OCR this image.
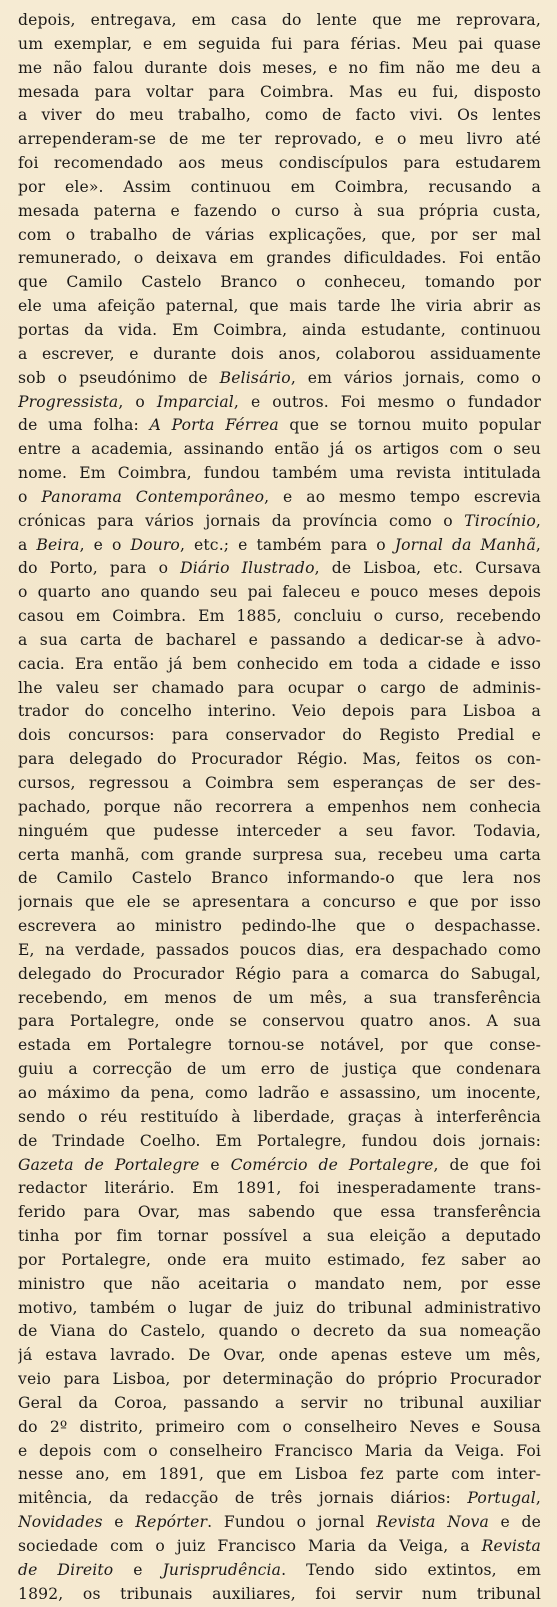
depois, entregava, em casa do lente que me reprovara,
um exemplar, e em seguida fui para férias. Meu pai quase
me não falou durante dois meses, e no fim não me deu a
mesada para voltar para Coimbra. Mas eu fui, disposto
a viver do meu trabalho, como de facto vivi. Os lentes
arrependeram-se de me ter reprovado, e o meu livro até
foi recomendado aos meus condiscípulos para estudarem
por ele». Assim continuou em Coimbra, recusando a
mesada paterna e fazendo o curso à sua própria custa,
com o trabalho de várias explicações, que, por ser mal
remunerado, o deixava em grandes dificuldades. Foi então
que Camilo Castelo Branco o conheceu, tomando por
ele uma afeição paternal, que mais tarde lhe viria abrir as
portas da vida. Em Coimbra, ainda estudante, continuou
a escrever, e durante dois anos, colaborou assiduamente
sob o pseudónimo de Belisário, em vários jornais, como o
Progressista, o Imparcial, e outros. Foi mesmo o fundador
de uma folha: A Porta Férrea que se tornou muito popular
entre a academia, assinando então já os artigos com o seu
nome. Em Coimbra, fundou também uma revista intitulada
o Panorama Contemporâneo, e ao mesmo tempo escrevia
crónicas para vários jornais da província como o Tirocínio,
a Beira, e o Douro, etc.; e também para o Jornal da Manhã,
do Porto, para o Diário Ilustrado, de Lisboa, etc. Cursava
o quarto ano quando seu pai faleceu e pouco meses depois
casou em Coimbra. Em 1885, concluiu o curso, recebendo
a sua carta de bacharel e passando a dedicar-se à advo-
cacia. Era então já bem conhecido em toda a cidade e isso
lhe valeu ser chamado para ocupar o cargo de adminis-
trador do concelho interino. Veio depois para Lisboa a
dois concursos: para conservador do Registo Predial e
para delegado do Procurador Régio. Mas, feitos os con-
cursos, regressou a Coimbra sem esperanças de ser des-
pachado, porque não recorrera a empenhos nem conhecia
ninguém que pudesse interceder a seu favor. Todavia,
certa manhã, com grande surpresa sua, recebeu uma carta
de Camilo Castelo Branco informando-o que lera nos
jornais que ele se apresentara a concurso e que por isso
escrevera ao ministro pedindo-lhe que o despachasse.
E, na verdade, passados poucos dias, era despachado como
delegado do Procurador Régio para a comarca do Sabugal,
recebendo, em menos de um mês, a sua transferência
para Portalegre, onde se conservou quatro anos. A sua
estada em Portalegre tornou-se notável, por que conse-
guiu a correcção de um erro de justiça que condenara
ao máximo da pena, como ladrão e assassino, um inocente,
sendo o réu restituído à liberdade, graças à interferência
de Trindade Coelho. Em Portalegre, fundou dois jornais:
Gazeta de Portalegre e Comércio de Portalegre, de que foi
redactor literário. Em 1891, foi inesperadamente trans-
ferido para Ovar, mas sabendo que essa transferência
tinha por fim tornar possível a sua eleição a deputado
por Portalegre, onde era muito estimado, fez saber ao
ministro que não aceitaria o mandato nem, por esse
motivo, também o lugar de juiz do tribunal administrativo
de Viana do Castelo, quando o decreto da sua nomeação
já estava lavrado. De Ovar, onde apenas esteve um mês,
veio para Lisboa, por determinação do próprio Procurador
Geral da Coroa, passando a servir no tribunal auxiliar
do 2º distrito, primeiro com o conselheiro Neves e Sousa
e depois com o conselheiro Francisco Maria da Veiga. Foi
nesse ano, em 1891, que em Lisboa fez parte com inter-
mitência, da redacção de três jornais diários: Portugal,
Novidades e Repórter. Fundou o jornal Revista Nova e de
sociedade com o juiz Francisco Maria da Veiga, a Revista
de Direito e Jurisprudência. Tendo sido extintos, em
1892, os tribunais auxiliares, foi servir num tribunal
